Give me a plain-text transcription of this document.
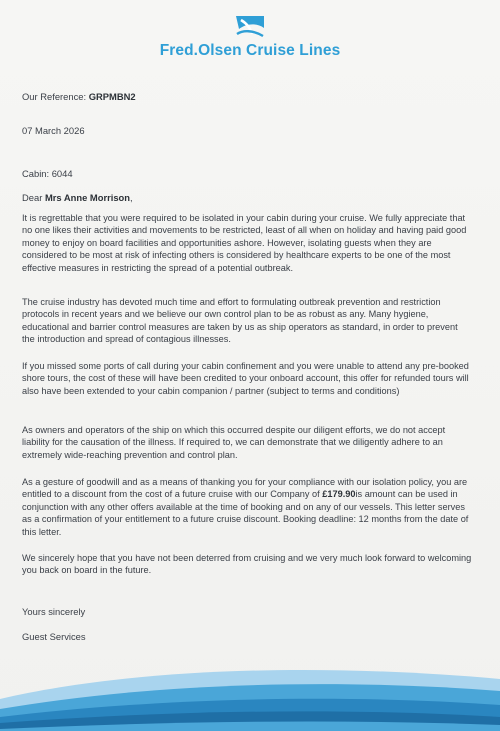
Fred.Olsen Cruise Lines
Our Reference: GRPMBN2
07 March 2026
Cabin: 6044
Dear Mrs Anne Morrison,
It is regrettable that you were required to be isolated in your cabin during your cruise. We fully appreciate that no one likes their activities and movements to be restricted, least of all when on holiday and having paid good money to enjoy on board facilities and opportunities ashore. However, isolating guests when they are considered to be most at risk of infecting others is considered by healthcare experts to be one of the most effective measures in restricting the spread of a potential outbreak.
The cruise industry has devoted much time and effort to formulating outbreak prevention and restriction protocols in recent years and we believe our own control plan to be as robust as any. Many hygiene, educational and barrier control measures are taken by us as ship operators as standard, in order to prevent the introduction and spread of contagious illnesses.
If you missed some ports of call during your cabin confinement and you were unable to attend any pre-booked shore tours, the cost of these will have been credited to your onboard account, this offer for refunded tours will also have been extended to your cabin companion / partner (subject to terms and conditions)
As owners and operators of the ship on which this occurred despite our diligent efforts, we do not accept liability for the causation of the illness. If required to, we can demonstrate that we diligently adhere to an extremely wide-reaching prevention and control plan.
As a gesture of goodwill and as a means of thanking you for your compliance with our isolation policy, you are entitled to a discount from the cost of a future cruise with our Company of £179.90is amount can be used in conjunction with any other offers available at the time of booking and on any of our vessels. This letter serves as a confirmation of your entitlement to a future cruise discount. Booking deadline: 12 months from the date of this letter.
We sincerely hope that you have not been deterred from cruising and we very much look forward to welcoming you back on board in the future.
Yours sincerely
Guest Services
